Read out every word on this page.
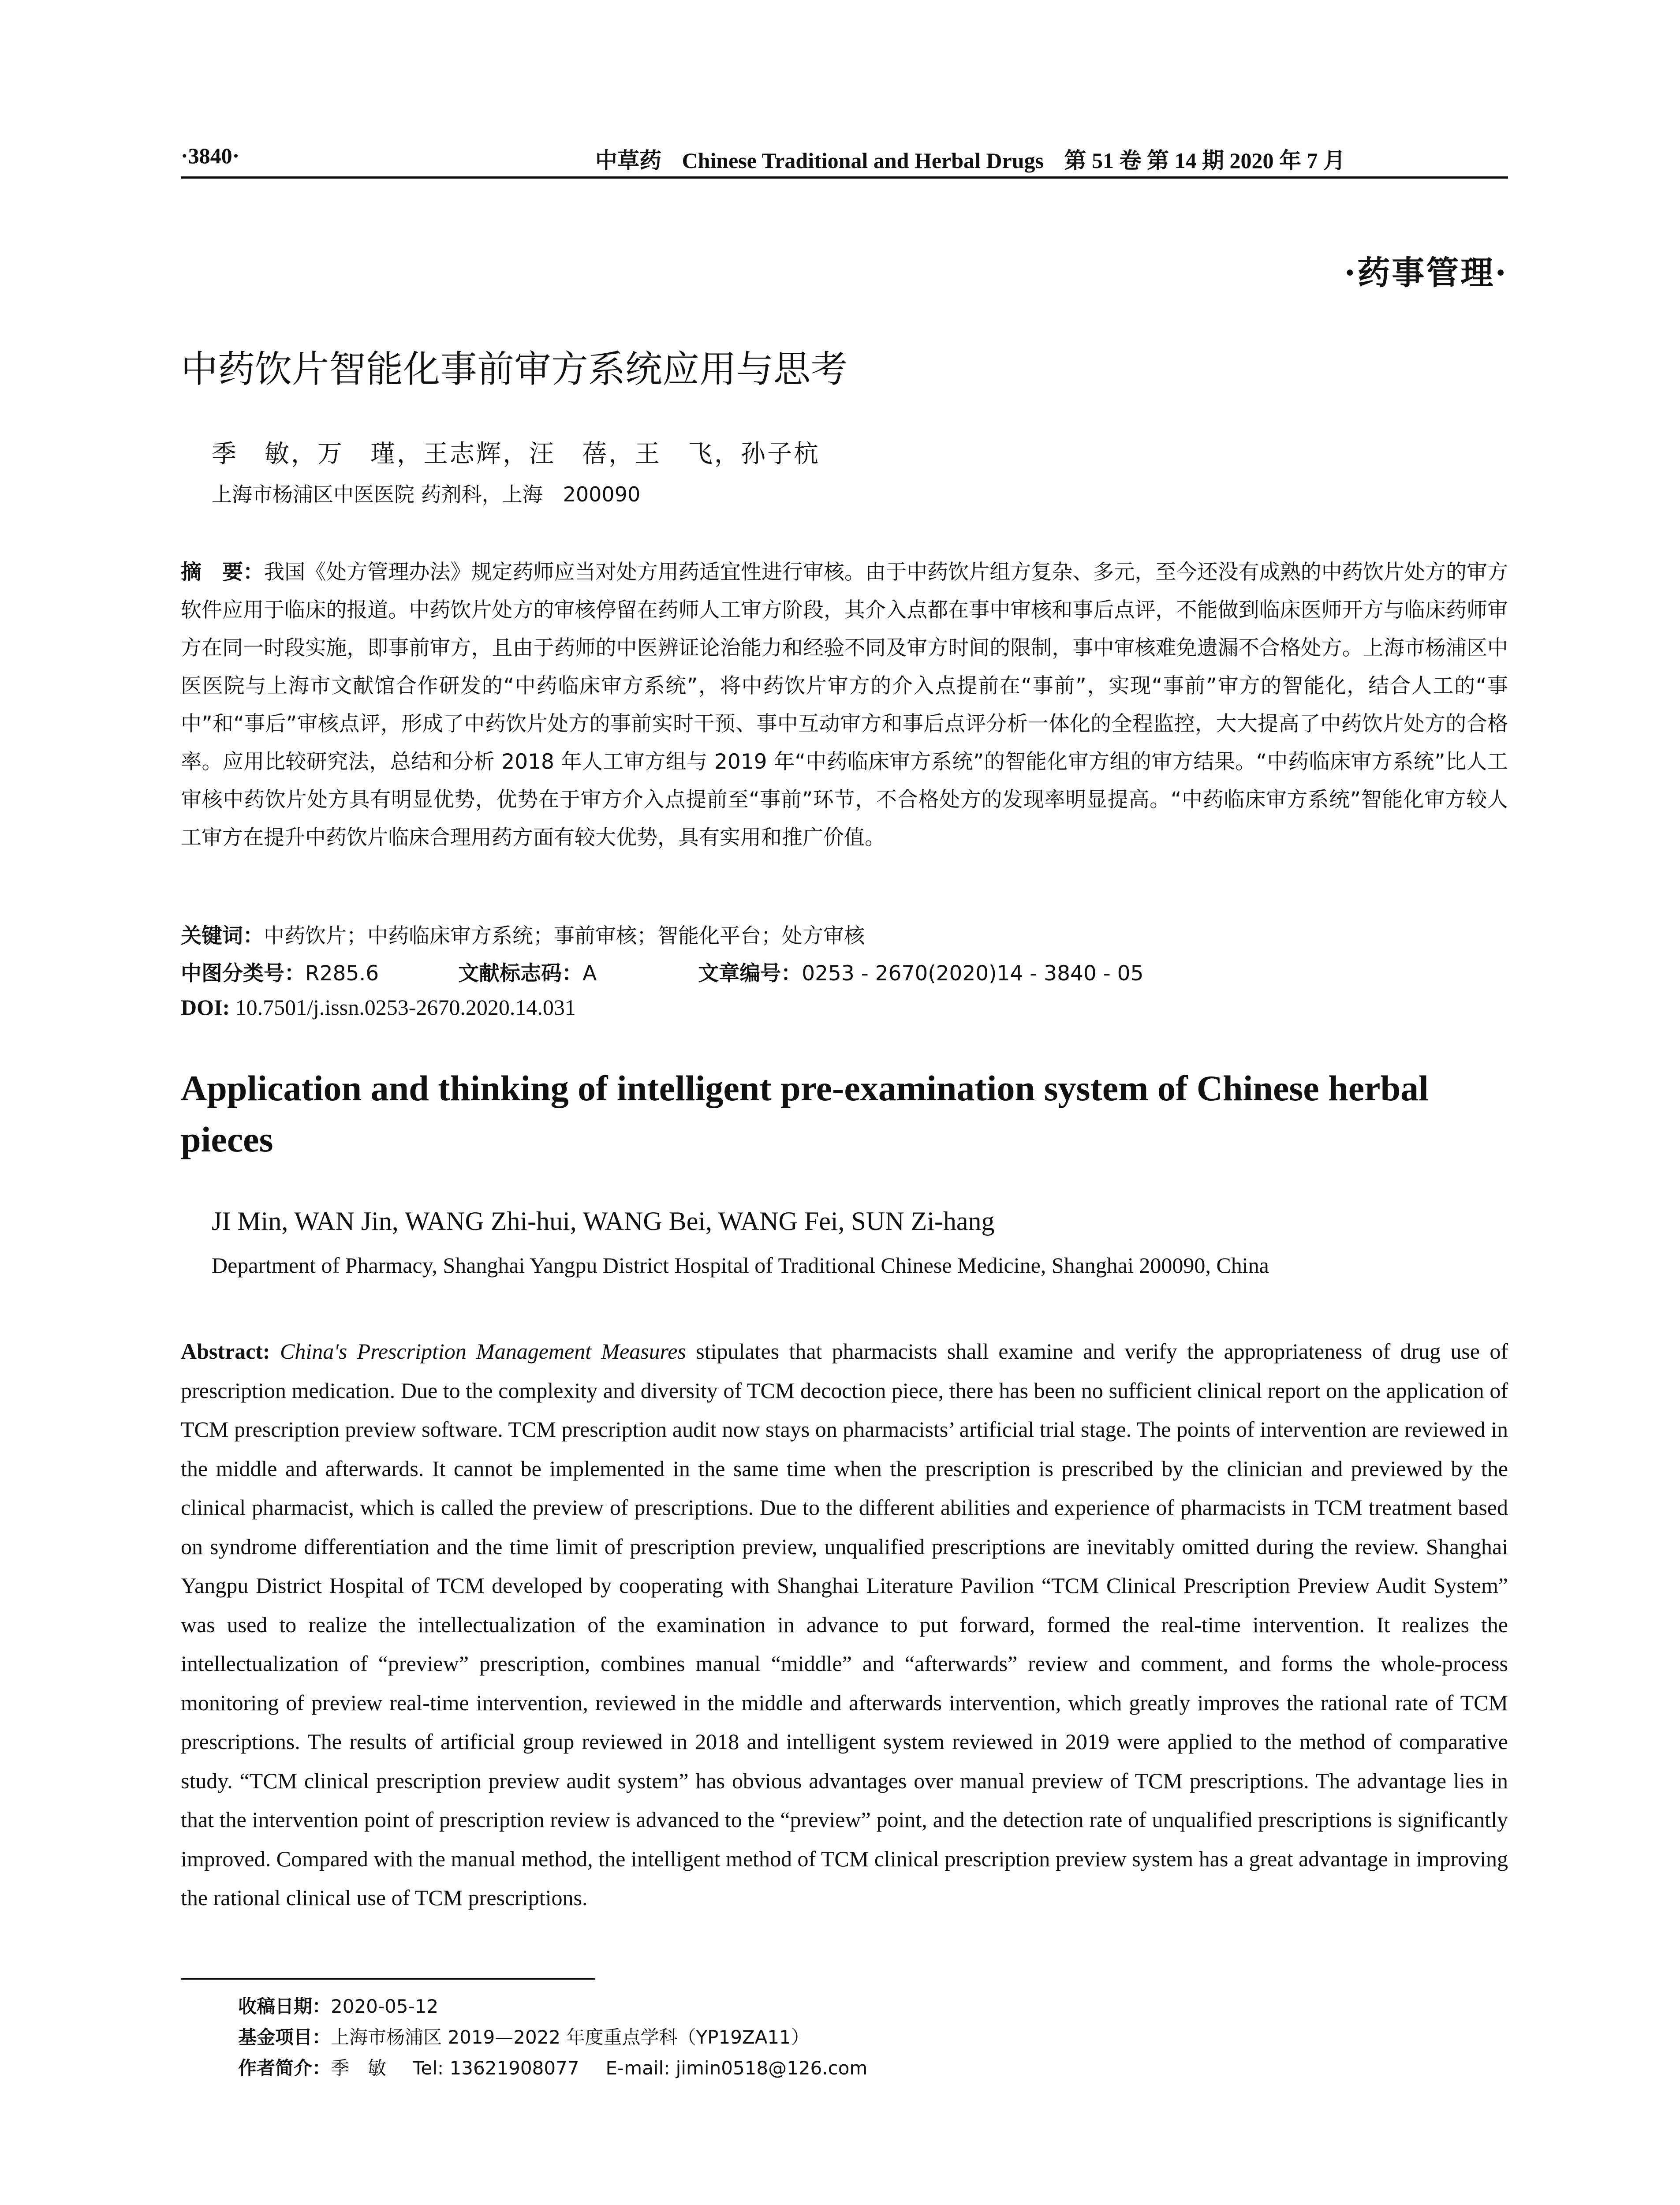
·3840·	中草药 Chinese Traditional and Herbal Drugs 第 51 卷 第 14 期 2020 年 7 月
·药事管理·
中药饮片智能化事前审方系统应用与思考
季　敏，万　瑾，王志辉，汪　蓓，王　飞，孙子杭
上海市杨浦区中医医院 药剂科，上海　200090
摘　要：我国《处方管理办法》规定药师应当对处方用药适宜性进行审核。由于中药饮片组方复杂、多元，至今还没有成熟的中药饮片处方的审方软件应用于临床的报道。中药饮片处方的审核停留在药师人工审方阶段，其介入点都在事中审核和事后点评，不能做到临床医师开方与临床药师审方在同一时段实施，即事前审方，且由于药师的中医辨证论治能力和经验不同及审方时间的限制，事中审核难免遗漏不合格处方。上海市杨浦区中医医院与上海市文献馆合作研发的“中药临床审方系统”，将中药饮片审方的介入点提前在“事前”，实现“事前”审方的智能化，结合人工的“事中”和“事后”审核点评，形成了中药饮片处方的事前实时干预、事中互动审方和事后点评分析一体化的全程监控，大大提高了中药饮片处方的合格率。应用比较研究法，总结和分析 2018 年人工审方组与 2019 年“中药临床审方系统”的智能化审方组的审方结果。“中药临床审方系统”比人工审核中药饮片处方具有明显优势，优势在于审方介入点提前至“事前”环节，不合格处方的发现率明显提高。“中药临床审方系统”智能化审方较人工审方在提升中药饮片临床合理用药方面有较大优势，具有实用和推广价值。
关键词：中药饮片；中药临床审方系统；事前审核；智能化平台；处方审核
中图分类号：R285.6	文献标志码：A	文章编号：0253 - 2670(2020)14 - 3840 - 05
DOI: 10.7501/j.issn.0253-2670.2020.14.031
Application and thinking of intelligent pre-examination system of Chinese herbal pieces
JI Min, WAN Jin, WANG Zhi-hui, WANG Bei, WANG Fei, SUN Zi-hang
Department of Pharmacy, Shanghai Yangpu District Hospital of Traditional Chinese Medicine, Shanghai 200090, China
Abstract: China's Prescription Management Measures stipulates that pharmacists shall examine and verify the appropriateness of drug use of prescription medication. Due to the complexity and diversity of TCM decoction piece, there has been no sufficient clinical report on the application of TCM prescription preview software. TCM prescription audit now stays on pharmacists’ artificial trial stage. The points of intervention are reviewed in the middle and afterwards. It cannot be implemented in the same time when the prescription is prescribed by the clinician and previewed by the clinical pharmacist, which is called the preview of prescriptions. Due to the different abilities and experience of pharmacists in TCM treatment based on syndrome differentiation and the time limit of prescription preview, unqualified prescriptions are inevitably omitted during the review. Shanghai Yangpu District Hospital of TCM developed by cooperating with Shanghai Literature Pavilion “TCM Clinical Prescription Preview Audit System” was used to realize the intellectualization of the examination in advance to put forward, formed the real-time intervention. It realizes the intellectualization of “preview” prescription, combines manual “middle” and “afterwards” review and comment, and forms the whole-process monitoring of preview real-time intervention, reviewed in the middle and afterwards intervention, which greatly improves the rational rate of TCM prescriptions. The results of artificial group reviewed in 2018 and intelligent system reviewed in 2019 were applied to the method of comparative study. “TCM clinical prescription preview audit system” has obvious advantages over manual preview of TCM prescriptions. The advantage lies in that the intervention point of prescription review is advanced to the “preview” point, and the detection rate of unqualified prescriptions is significantly improved. Compared with the manual method, the intelligent method of TCM clinical prescription preview system has a great advantage in improving the rational clinical use of TCM prescriptions.
收稿日期：2020-05-12
基金项目：上海市杨浦区 2019—2022 年度重点学科（YP19ZA11）
作者简介：季　敏 Tel: 13621908077 E-mail: jimin0518@126.com
